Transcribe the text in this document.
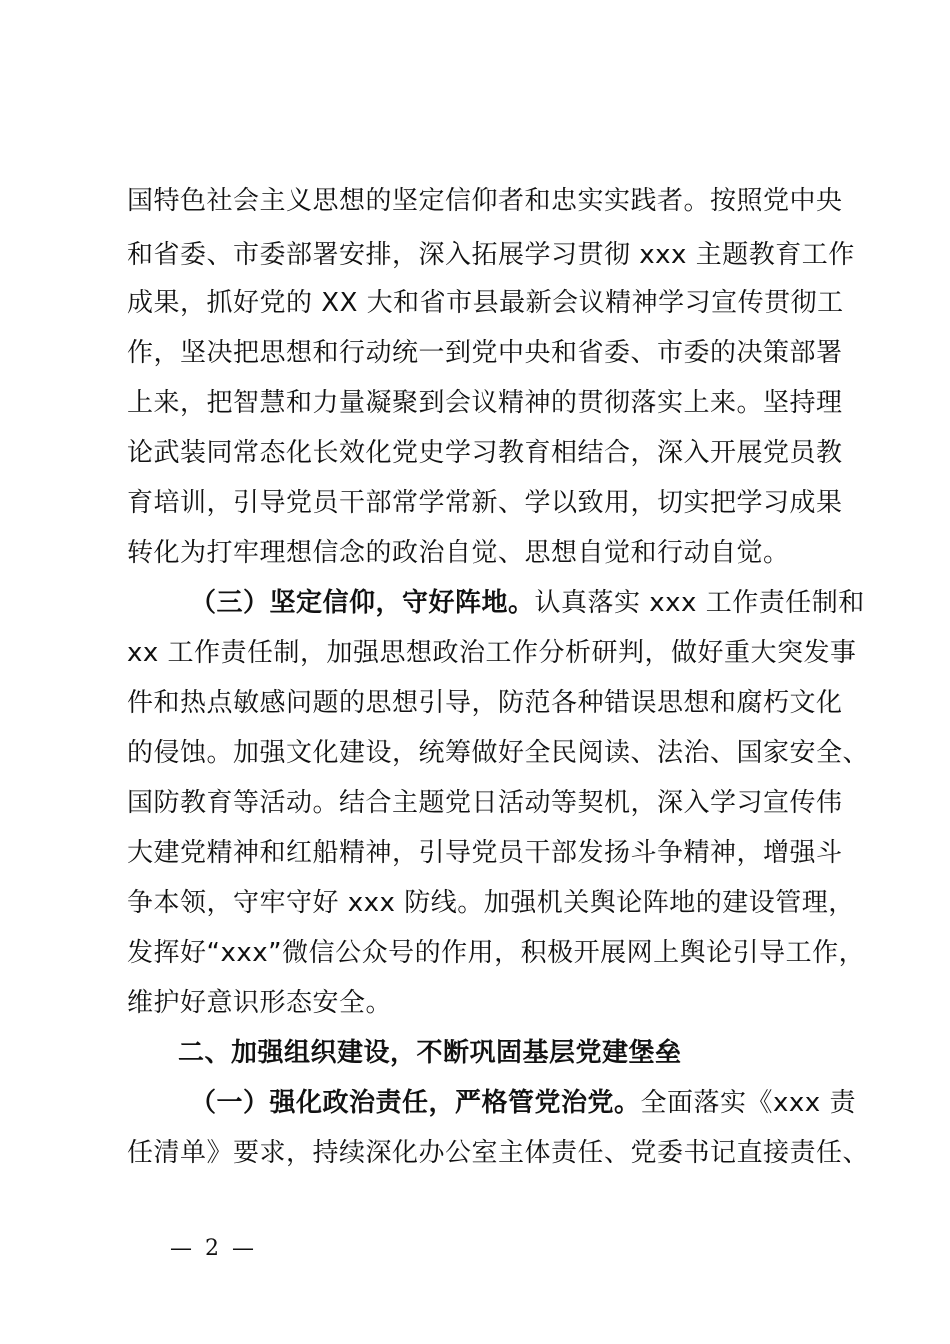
国特色社会主义思想的坚定信仰者和忠实实践者。按照党中央
和省委、市委部署安排，深入拓展学习贯彻 xxx 主题教育工作
成果，抓好党的 XX 大和省市县最新会议精神学习宣传贯彻工
作，坚决把思想和行动统一到党中央和省委、市委的决策部署
上来，把智慧和力量凝聚到会议精神的贯彻落实上来。坚持理
论武装同常态化长效化党史学习教育相结合，深入开展党员教
育培训，引导党员干部常学常新、学以致用，切实把学习成果
转化为打牢理想信念的政治自觉、思想自觉和行动自觉。
（三）坚定信仰，守好阵地。认真落实 xxx 工作责任制和
xx 工作责任制，加强思想政治工作分析研判，做好重大突发事
件和热点敏感问题的思想引导，防范各种错误思想和腐朽文化
的侵蚀。加强文化建设，统筹做好全民阅读、法治、国家安全、
国防教育等活动。结合主题党日活动等契机，深入学习宣传伟
大建党精神和红船精神，引导党员干部发扬斗争精神，增强斗
争本领，守牢守好 xxx 防线。加强机关舆论阵地的建设管理，
发挥好“xxx”微信公众号的作用，积极开展网上舆论引导工作，
维护好意识形态安全。
二、加强组织建设，不断巩固基层党建堡垒
（一）强化政治责任，严格管党治党。全面落实《xxx 责
任清单》要求，持续深化办公室主体责任、党委书记直接责任、
— 2 —
